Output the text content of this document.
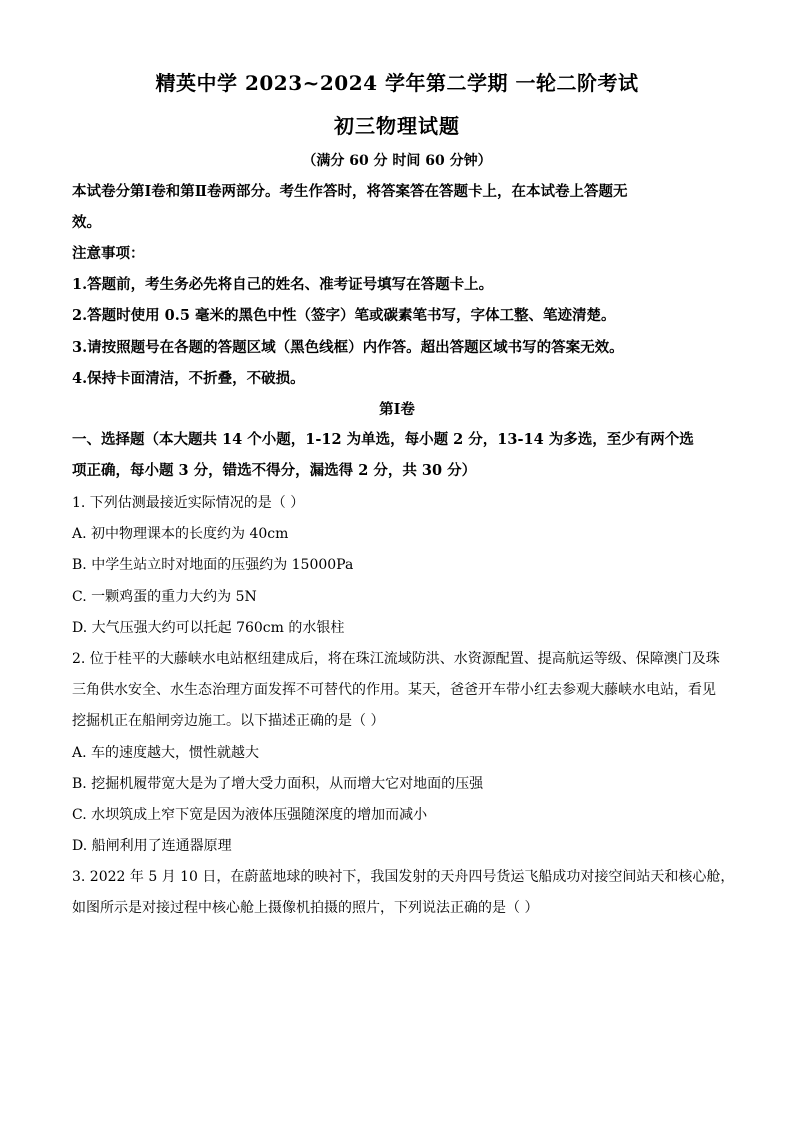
精英中学 2023~2024 学年第二学期 一轮二阶考试
初三物理试题
（满分 60 分 时间 60 分钟）
本试卷分第Ⅰ卷和第Ⅱ卷两部分。考生作答时，将答案答在答题卡上，在本试卷上答题无
效。
注意事项：
1.答题前，考生务必先将自己的姓名、准考证号填写在答题卡上。
2.答题时使用 0.5 毫米的黑色中性（签字）笔或碳素笔书写，字体工整、笔迹清楚。
3.请按照题号在各题的答题区域（黑色线框）内作答。超出答题区域书写的答案无效。
4.保持卡面清洁，不折叠，不破损。
第Ⅰ卷
一、选择题（本大题共 14 个小题，1-12 为单选，每小题 2 分，13-14 为多选，至少有两个选
项正确，每小题 3 分，错选不得分，漏选得 2 分，共 30 分）
1. 下列估测最接近实际情况的是（ ）
A. 初中物理课本的长度约为 40cm
B. 中学生站立时对地面的压强约为 15000Pa
C. 一颗鸡蛋的重力大约为 5N
D. 大气压强大约可以托起 760cm 的水银柱
2. 位于桂平的大藤峡水电站枢纽建成后，将在珠江流域防洪、水资源配置、提高航运等级、保障澳门及珠
三角供水安全、水生态治理方面发挥不可替代的作用。某天，爸爸开车带小红去参观大藤峡水电站，看见
挖掘机正在船闸旁边施工。以下描述正确的是（ ）
A. 车的速度越大，惯性就越大
B. 挖掘机履带宽大是为了增大受力面积，从而增大它对地面的压强
C. 水坝筑成上窄下宽是因为液体压强随深度的增加而减小
D. 船闸利用了连通器原理
3. 2022 年 5 月 10 日，在蔚蓝地球的映衬下，我国发射的天舟四号货运飞船成功对接空间站天和核心舱，
如图所示是对接过程中核心舱上摄像机拍摄的照片，下列说法正确的是（ ）
